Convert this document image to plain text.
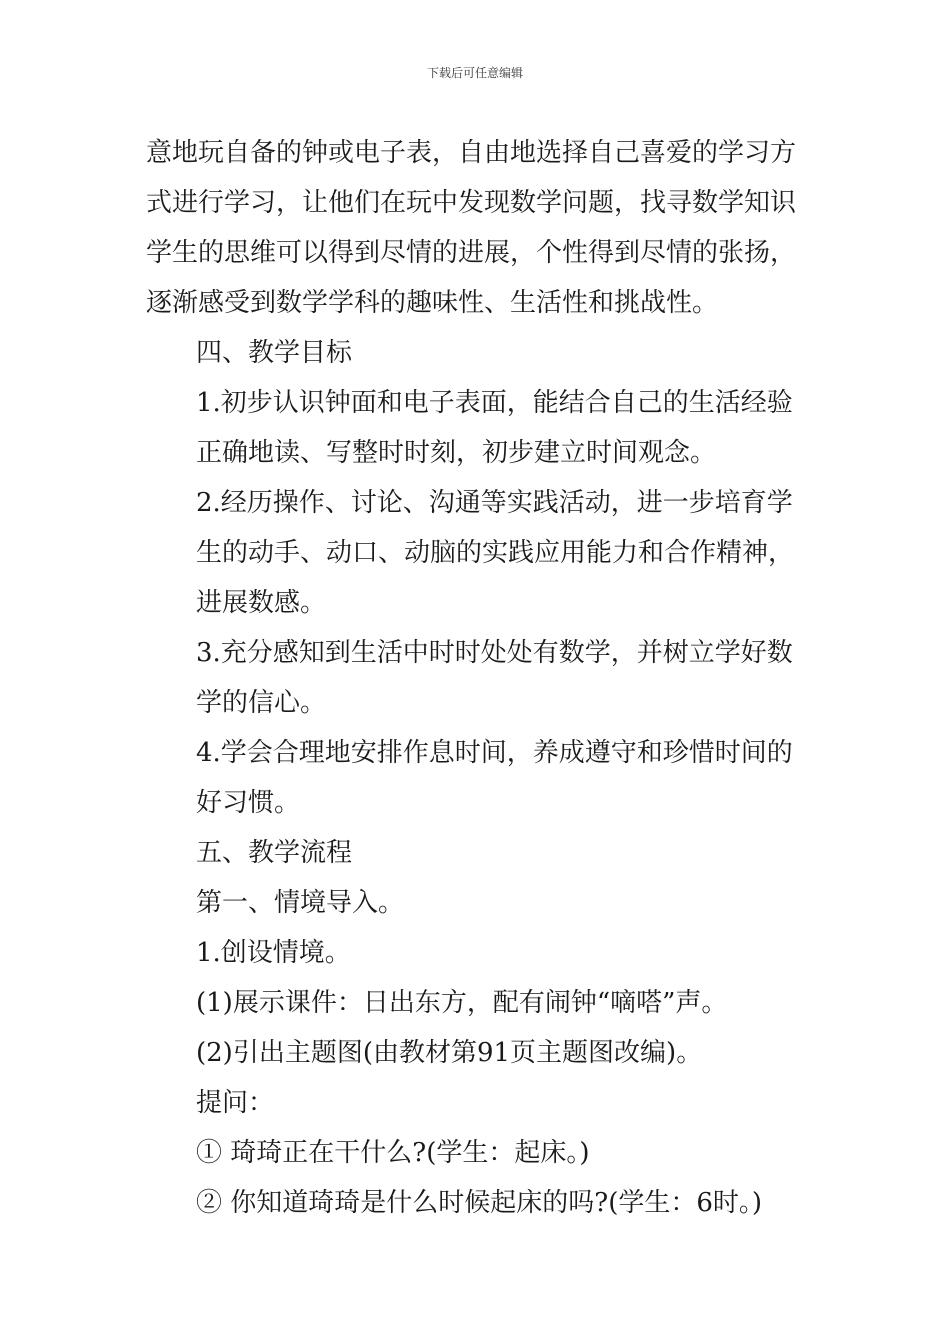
下载后可任意编辑

意地玩自备的钟或电子表，自由地选择自己喜爱的学习方式进行学习，让他们在玩中发现数学问题，找寻数学知识学生的思维可以得到尽情的进展，个性得到尽情的张扬，逐渐感受到数学学科的趣味性、生活性和挑战性。

四、教学目标

1.初步认识钟面和电子表面，能结合自己的生活经验正确地读、写整时时刻，初步建立时间观念。

2.经历操作、讨论、沟通等实践活动，进一步培育学生的动手、动口、动脑的实践应用能力和合作精神，进展数感。

3.充分感知到生活中时时处处有数学，并树立学好数学的信心。

4.学会合理地安排作息时间，养成遵守和珍惜时间的好习惯。

五、教学流程

第一、情境导入。

1.创设情境。

(1)展示课件：日出东方，配有闹钟“嘀嗒”声。

(2)引出主题图(由教材第91页主题图改编)。

提问：

① 琦琦正在干什么?(学生：起床。)

② 你知道琦琦是什么时候起床的吗?(学生：6时。)
